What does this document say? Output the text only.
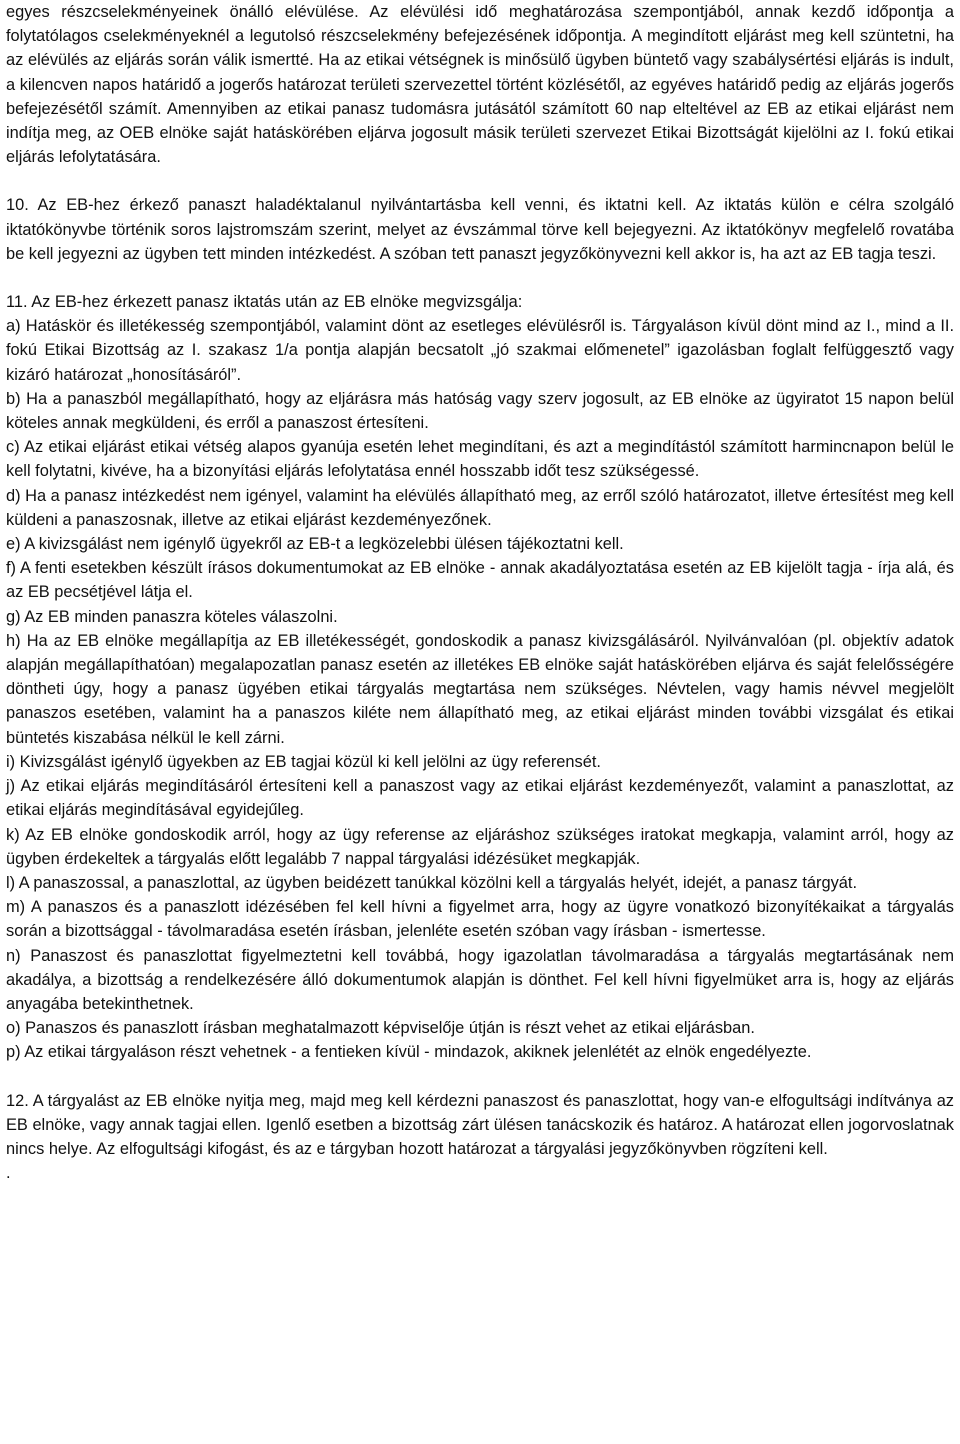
egyes részcselekményeinek önálló elévülése. Az elévülési idő meghatározása szempontjából, annak kezdő időpontja a folytatólagos cselekményeknél a legutolsó részcselekmény befejezésének időpontja. A megindított eljárást meg kell szüntetni, ha az elévülés az eljárás során válik ismertté. Ha az etikai vétségnek is minősülő ügyben büntető vagy szabálysértési eljárás is indult, a kilencven napos határidő a jogerős határozat területi szervezettel történt közlésétől, az egyéves határidő pedig az eljárás jogerős befejezésétől számít. Amennyiben az etikai panasz tudomásra jutásától számított 60 nap elteltével az EB az etikai eljárást nem indítja meg, az OEB elnöke saját hatáskörében eljárva jogosult másik területi szervezet Etikai Bizottságát kijelölni az I. fokú etikai eljárás lefolytatására.

10. Az EB-hez érkező panaszt haladéktalanul nyilvántartásba kell venni, és iktatni kell. Az iktatás külön e célra szolgáló iktatókönyvbe történik soros lajstromszám szerint, melyet az évszámmal törve kell bejegyezni. Az iktatókönyv megfelelő rovatába be kell jegyezni az ügyben tett minden intézkedést. A szóban tett panaszt jegyzőkönyvezni kell akkor is, ha azt az EB tagja teszi.

11. Az EB-hez érkezett panasz iktatás után az EB elnöke megvizsgálja:

a) Hatáskör és illetékesség szempontjából, valamint dönt az esetleges elévülésről is. Tárgyaláson kívül dönt mind az I., mind a II. fokú Etikai Bizottság az I. szakasz 1/a pontja alapján becsatolt „jó szakmai előmenetel” igazolásban foglalt felfüggesztő vagy kizáró határozat „honosításáról”.

b) Ha a panaszból megállapítható, hogy az eljárásra más hatóság vagy szerv jogosult, az EB elnöke az ügyiratot 15 napon belül köteles annak megküldeni, és erről a panaszost értesíteni.

c) Az etikai eljárást etikai vétség alapos gyanúja esetén lehet megindítani, és azt a megindítástól számított harmincnapon belül le kell folytatni, kivéve, ha a bizonyítási eljárás lefolytatása ennél hosszabb időt tesz szükségessé.

d) Ha a panasz intézkedést nem igényel, valamint ha elévülés állapítható meg, az erről szóló határozatot, illetve értesítést meg kell küldeni a panaszosnak, illetve az etikai eljárást kezdeményezőnek.

e) A kivizsgálást nem igénylő ügyekről az EB-t a legközelebbi ülésen tájékoztatni kell.

f) A fenti esetekben készült írásos dokumentumokat az EB elnöke - annak akadályoztatása esetén az EB kijelölt tagja - írja alá, és az EB pecsétjével látja el.

g) Az EB minden panaszra köteles válaszolni.

h) Ha az EB elnöke megállapítja az EB illetékességét, gondoskodik a panasz kivizsgálásáról. Nyilvánvalóan (pl. objektív adatok alapján megállapíthatóan) megalapozatlan panasz esetén az illetékes EB elnöke saját hatáskörében eljárva és saját felelősségére döntheti úgy, hogy a panasz ügyében etikai tárgyalás megtartása nem szükséges. Névtelen, vagy hamis névvel megjelölt panaszos esetében, valamint ha a panaszos kiléte nem állapítható meg, az etikai eljárást minden további vizsgálat és etikai büntetés kiszabása nélkül le kell zárni.

i) Kivizsgálást igénylő ügyekben az EB tagjai közül ki kell jelölni az ügy referensét.

j) Az etikai eljárás megindításáról értesíteni kell a panaszost vagy az etikai eljárást kezdeményezőt, valamint a panaszlottat, az etikai eljárás megindításával egyidejűleg.

k) Az EB elnöke gondoskodik arról, hogy az ügy referense az eljáráshoz szükséges iratokat megkapja, valamint arról, hogy az ügyben érdekeltek a tárgyalás előtt legalább 7 nappal tárgyalási idézésüket megkapják.

l) A panaszossal, a panaszlottal, az ügyben beidézett tanúkkal közölni kell a tárgyalás helyét, idejét, a panasz tárgyát.

m) A panaszos és a panaszlott idézésében fel kell hívni a figyelmet arra, hogy az ügyre vonatkozó bizonyítékaikat a tárgyalás során a bizottsággal - távolmaradása esetén írásban, jelenléte esetén szóban vagy írásban - ismertesse.

n) Panaszost és panaszlottat figyelmeztetni kell továbbá, hogy igazolatlan távolmaradása a tárgyalás megtartásának nem akadálya, a bizottság a rendelkezésére álló dokumentumok alapján is dönthet. Fel kell hívni figyelmüket arra is, hogy az eljárás anyagába betekinthetnek.

o) Panaszos és panaszlott írásban meghatalmazott képviselője útján is részt vehet az etikai eljárásban.

p) Az etikai tárgyaláson részt vehetnek - a fentieken kívül - mindazok, akiknek jelenlétét az elnök engedélyezte.

12. A tárgyalást az EB elnöke nyitja meg, majd meg kell kérdezni panaszost és panaszlottat, hogy van-e elfogultsági indítványa az EB elnöke, vagy annak tagjai ellen. Igenlő esetben a bizottság zárt ülésen tanácskozik és határoz. A határozat ellen jogorvoslatnak nincs helye. Az elfogultsági kifogást, és az e tárgyban hozott határozat a tárgyalási jegyzőkönyvben rögzíteni kell.

.
